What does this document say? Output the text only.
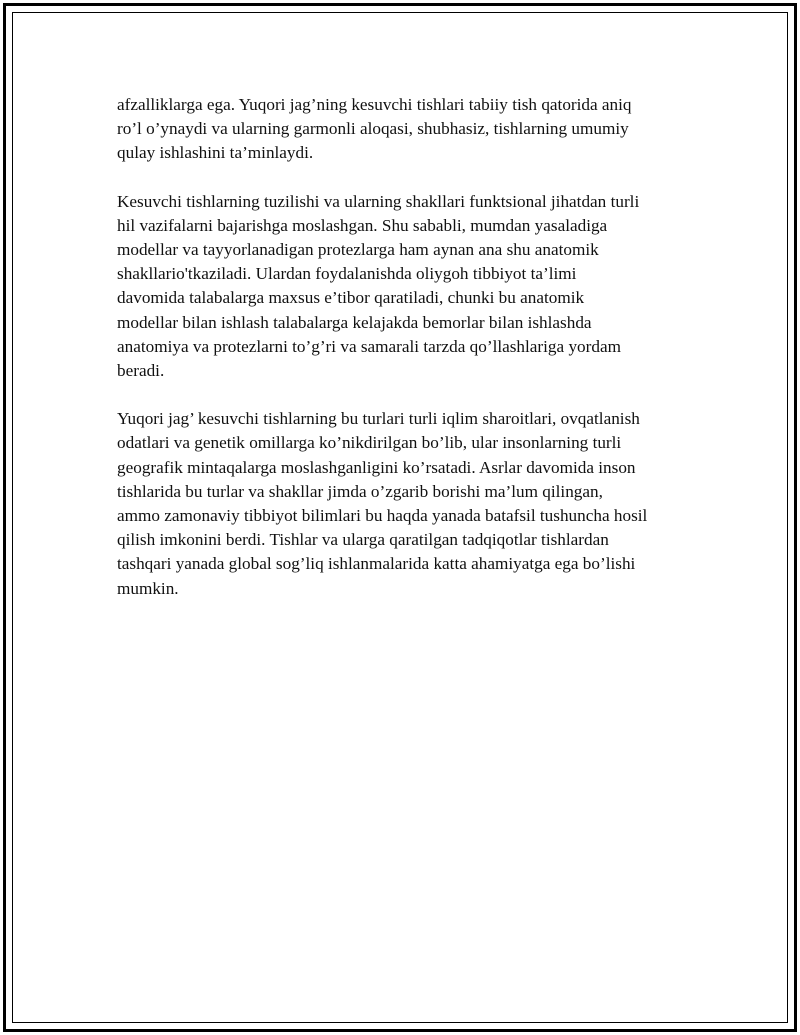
afzalliklarga ega. Yuqori jag’ning kesuvchi tishlari tabiiy tish qatorida aniq
ro’l o’ynaydi va ularning garmonli aloqasi, shubhasiz, tishlarning umumiy
qulay ishlashini ta’minlaydi.

Kesuvchi tishlarning tuzilishi va ularning shakllari funktsional jihatdan turli
hil vazifalarni bajarishga moslashgan. Shu sababli, mumdan yasaladiga
modellar va tayyorlanadigan protezlarga ham aynan ana shu anatomik
shakllario'tkaziladi. Ulardan foydalanishda oliygoh tibbiyot ta’limi
davomida talabalarga maxsus e’tibor qaratiladi, chunki bu anatomik
modellar bilan ishlash talabalarga kelajakda bemorlar bilan ishlashda
anatomiya va protezlarni to’g’ri va samarali tarzda qo’llashlariga yordam
beradi.

Yuqori jag’ kesuvchi tishlarning bu turlari turli iqlim sharoitlari, ovqatlanish
odatlari va genetik omillarga ko’nikdirilgan bo’lib, ular insonlarning turli
geografik mintaqalarga moslashganligini ko’rsatadi. Asrlar davomida inson
tishlarida bu turlar va shakllar jimda o’zgarib borishi ma’lum qilingan,
ammo zamonaviy tibbiyot bilimlari bu haqda yanada batafsil tushuncha hosil
qilish imkonini berdi. Tishlar va ularga qaratilgan tadqiqotlar tishlardan
tashqari yanada global sog’liq ishlanmalarida katta ahamiyatga ega bo’lishi
mumkin.
